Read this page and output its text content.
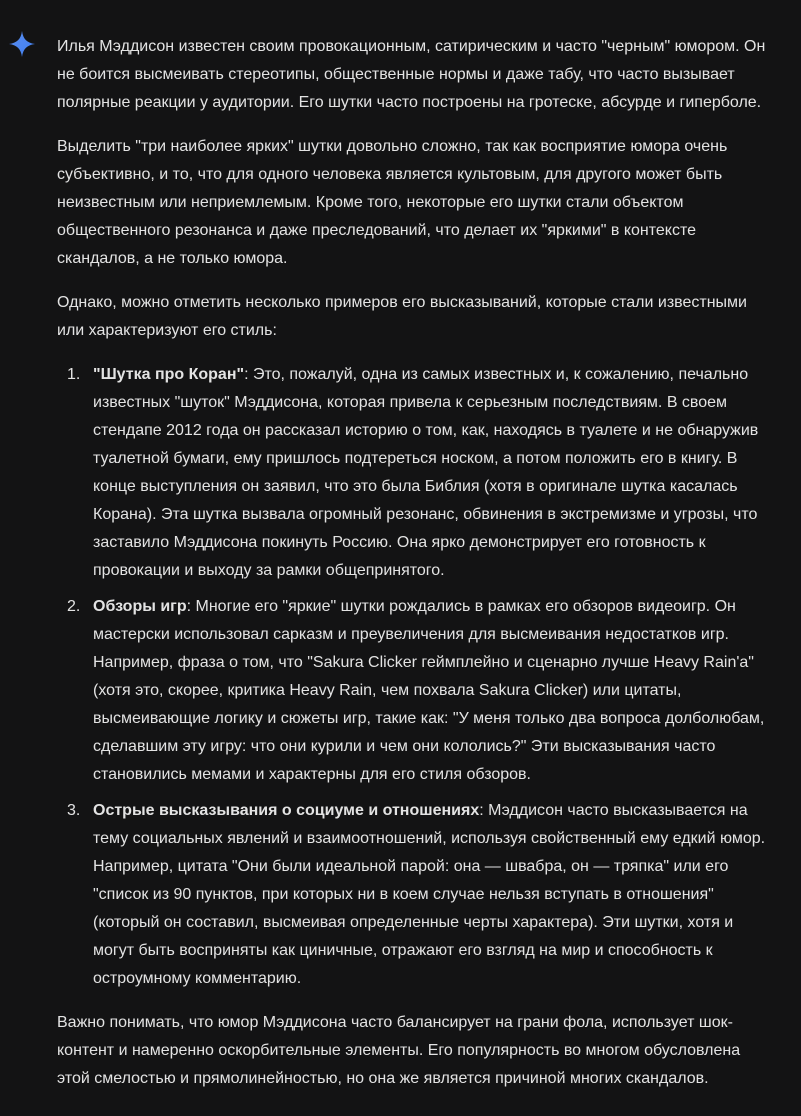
Илья Мэддисон известен своим провокационным, сатирическим и часто "черным" юмором. Он не боится высмеивать стереотипы, общественные нормы и даже табу, что часто вызывает полярные реакции у аудитории. Его шутки часто построены на гротеске, абсурде и гиперболе.

Выделить "три наиболее ярких" шутки довольно сложно, так как восприятие юмора очень субъективно, и то, что для одного человека является культовым, для другого может быть неизвестным или неприемлемым. Кроме того, некоторые его шутки стали объектом общественного резонанса и даже преследований, что делает их "яркими" в контексте скандалов, а не только юмора.

Однако, можно отметить несколько примеров его высказываний, которые стали известными или характеризуют его стиль:

1. "Шутка про Коран": Это, пожалуй, одна из самых известных и, к сожалению, печально известных "шуток" Мэддисона, которая привела к серьезным последствиям. В своем стендапе 2012 года он рассказал историю о том, как, находясь в туалете и не обнаружив туалетной бумаги, ему пришлось подтереться носком, а потом положить его в книгу. В конце выступления он заявил, что это была Библия (хотя в оригинале шутка касалась Корана). Эта шутка вызвала огромный резонанс, обвинения в экстремизме и угрозы, что заставило Мэддисона покинуть Россию. Она ярко демонстрирует его готовность к провокации и выходу за рамки общепринятого.
2. Обзоры игр: Многие его "яркие" шутки рождались в рамках его обзоров видеоигр. Он мастерски использовал сарказм и преувеличения для высмеивания недостатков игр. Например, фраза о том, что "Sakura Clicker геймплейно и сценарно лучше Heavy Rain'а" (хотя это, скорее, критика Heavy Rain, чем похвала Sakura Clicker) или цитаты, высмеивающие логику и сюжеты игр, такие как: "У меня только два вопроса долболюбам, сделавшим эту игру: что они курили и чем они кололись?" Эти высказывания часто становились мемами и характерны для его стиля обзоров.
3. Острые высказывания о социуме и отношениях: Мэддисон часто высказывается на тему социальных явлений и взаимоотношений, используя свойственный ему едкий юмор. Например, цитата "Они были идеальной парой: она — швабра, он — тряпка" или его "список из 90 пунктов, при которых ни в коем случае нельзя вступать в отношения" (который он составил, высмеивая определенные черты характера). Эти шутки, хотя и могут быть восприняты как циничные, отражают его взгляд на мир и способность к остроумному комментарию.

Важно понимать, что юмор Мэддисона часто балансирует на грани фола, использует шок-контент и намеренно оскорбительные элементы. Его популярность во многом обусловлена этой смелостью и прямолинейностью, но она же является причиной многих скандалов.
